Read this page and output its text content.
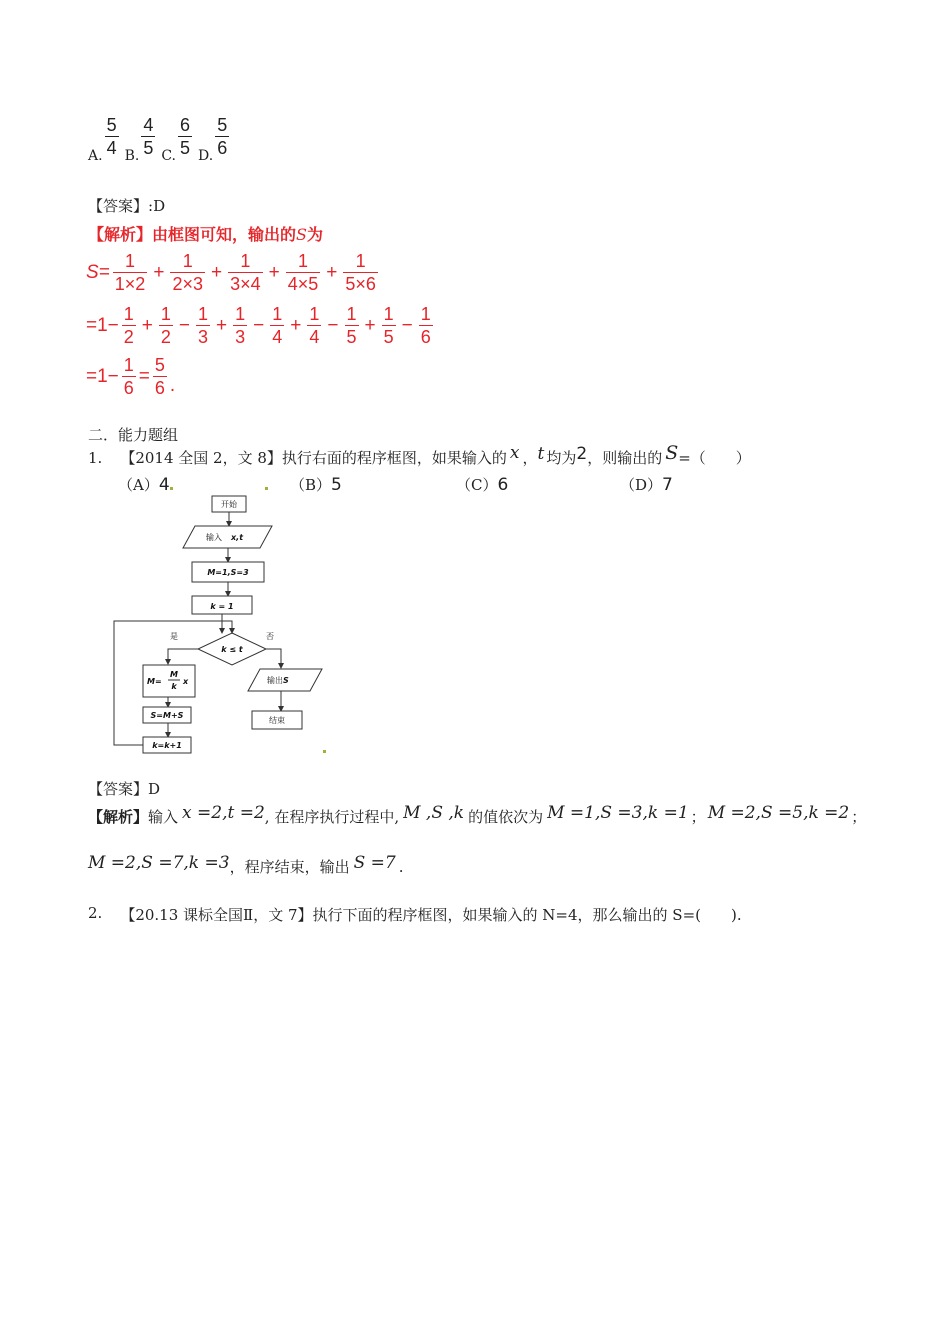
A. $\frac{5}{4} B$. $\frac{4}{5} C$. $\frac{6}{5} D$. $\frac{5}{6}$
【答案】:D
【解析】由框图可知，输出的S为
$S= \frac{1}{1\times 2} + \frac{1}{2\times 3} + \frac{1}{3\times 4} + \frac{1}{4\times 5} + \frac{1}{5\times 6}$
$=1- \frac{1}{2} + \frac{1}{2} - \frac{1}{3} + \frac{1}{3} - \frac{1}{4} + \frac{1}{4} - \frac{1}{5} + \frac{1}{5} - \frac{1}{6}$
$=1- \frac{1}{6} = \frac{5}{6}$ .
二．能力题组
1. 【2014 全国 2，文 8】执行右面的程序框图，如果输入的 x ， t 均为 2 ，则输出的 S =（　　）
（A）4	（B）5	（C）6	（D）7
开始
输入 x,t
M=1,S=3
k = 1
k ≤ t
是	否
M=
M
k
x
S=M+S
k=k+1
输出 S
结束
【答案】D
【解析】 输入 x =2,t =2 , 在程序执行过程中, M ,S ,k 的值依次为 M =1,S =3,k =1 ； M =2,S =5,k =2 ；
M =2,S =7,k =3 ，程序结束，输出 S =7 .
2. 【20.13 课标全国Ⅱ，文 7】执行下面的程序框图，如果输入的 N=4，那么输出的 S=(　　).
